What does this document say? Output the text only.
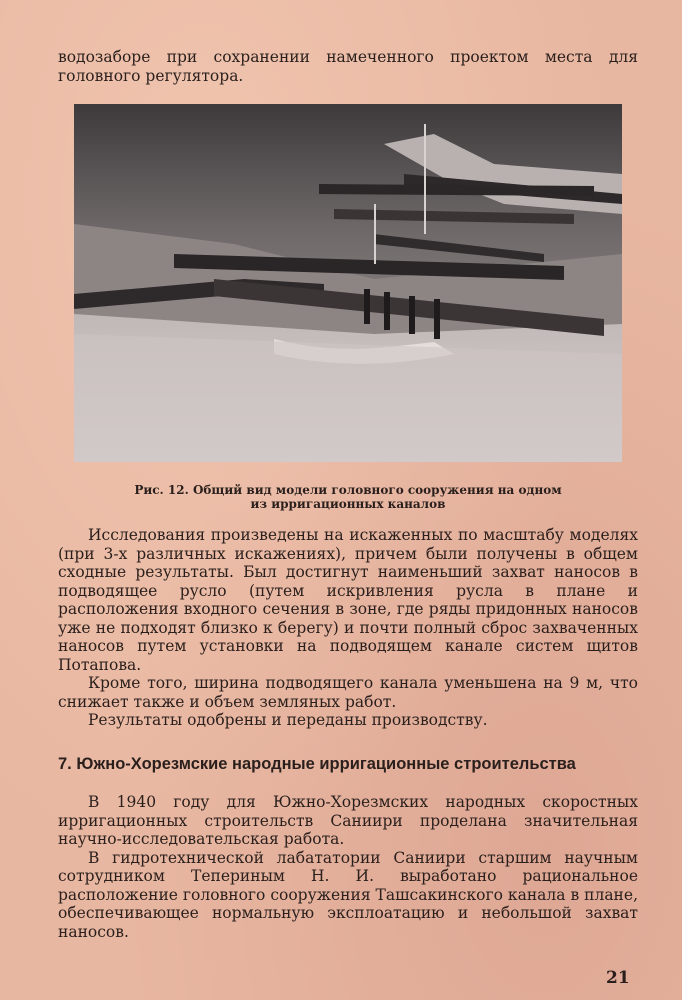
водозаборе при сохранении намеченного проектом места для головного регулятора.
Рис. 12. Общий вид модели головного сооружения на одном
из ирригационных каналов

Исследования произведены на искаженных по масштабу моделях (при 3-х различных искажениях), причем были получены в общем сходные результаты. Был достигнут наименьший захват наносов в подводящее русло (путем искривления русла в плане и расположения входного сечения в зоне, где ряды придонных наносов уже не подходят близко к берегу) и почти полный сброс захваченных наносов путем установки на подводящем канале систем щитов Потапова.

Кроме того, ширина подводящего канала уменьшена на 9 м, что снижает также и объем земляных работ.

Результаты одобрены и переданы производству.

7. Южно-Хорезмские народные ирригационные строительства

В 1940 году для Южно-Хорезмских народных скоростных ирригационных строительств Саниири проделана значительная научно-исследовательская работа.

В гидротехнической лабататории Саниири старшим научным сотрудником Тепериным Н. И. выработано рациональное расположение головного сооружения Ташсакинского канала в плане, обеспечивающее нормальную эксплоатацию и небольшой захват наносов.

21
